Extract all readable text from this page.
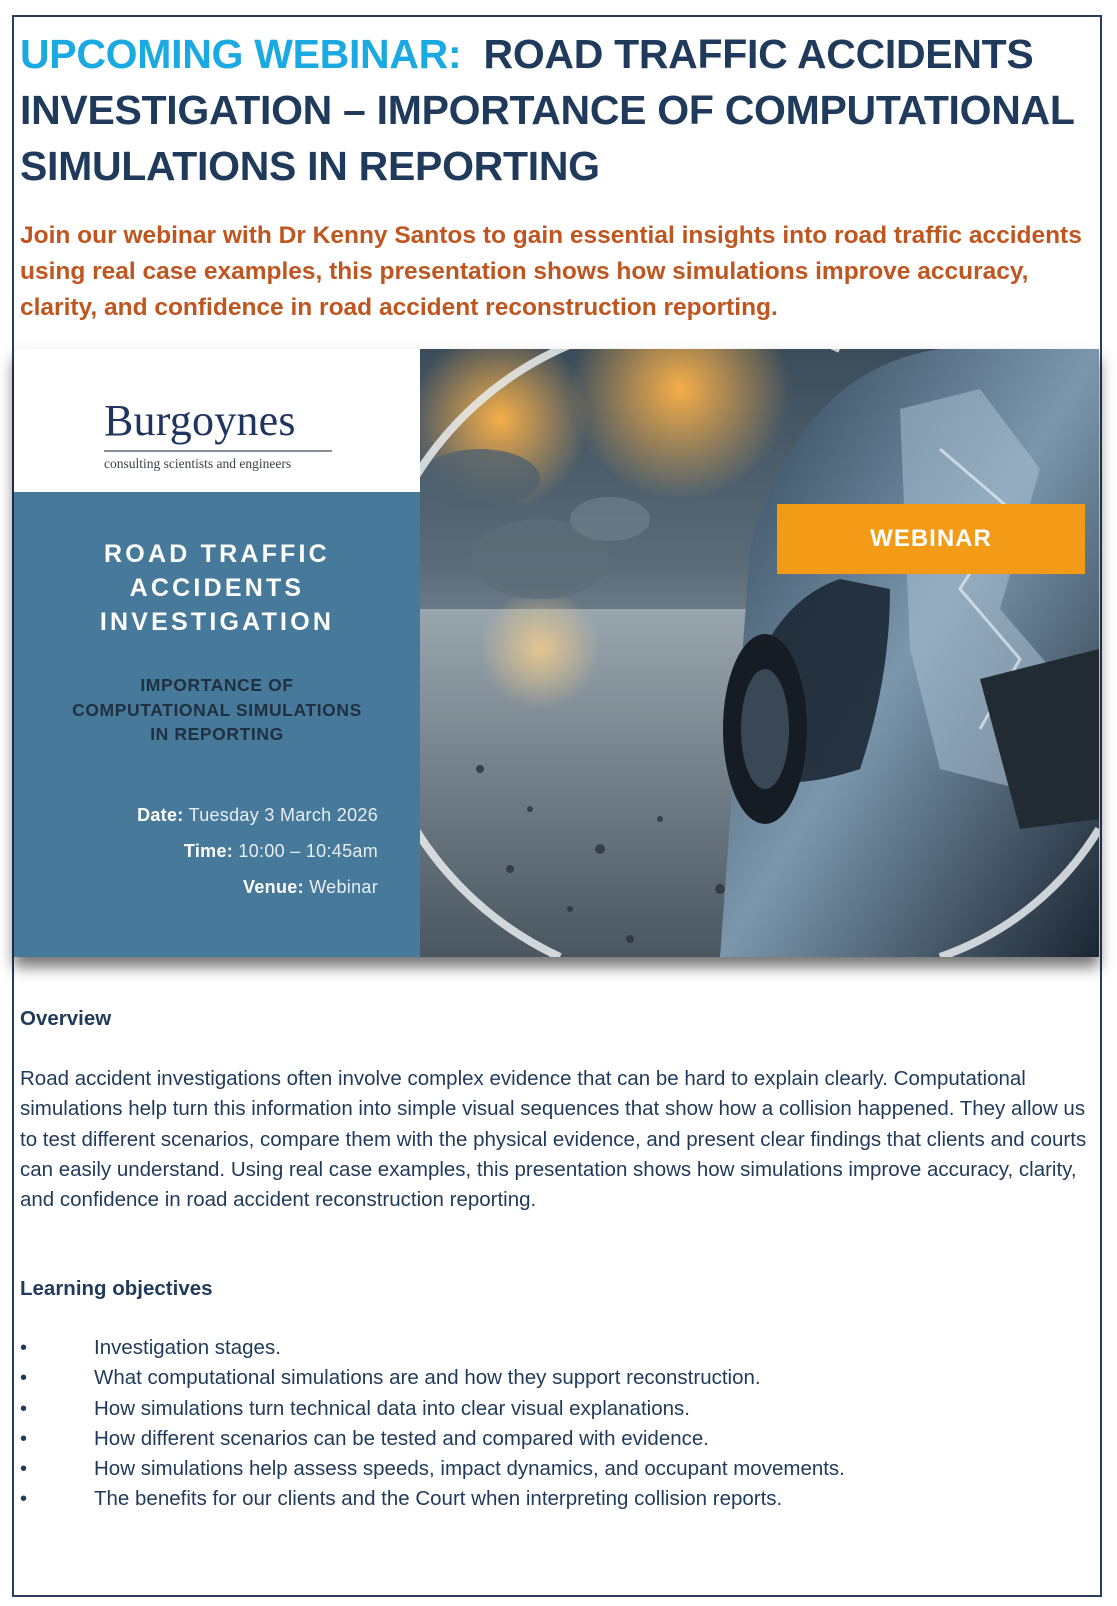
UPCOMING WEBINAR: ROAD TRAFFIC ACCIDENTS INVESTIGATION – IMPORTANCE OF COMPUTATIONAL SIMULATIONS IN REPORTING

Join our webinar with Dr Kenny Santos to gain essential insights into road traffic accidents using real case examples, this presentation shows how simulations improve accuracy, clarity, and confidence in road accident reconstruction reporting.

Burgoynes
consulting scientists and engineers
ROAD TRAFFIC
ACCIDENTS
INVESTIGATION
IMPORTANCE OF
COMPUTATIONAL SIMULATIONS
IN REPORTING
Date: Tuesday 3 March 2026
Time: 10:00 – 10:45am
Venue: Webinar
WEBINAR
Overview

Road accident investigations often involve complex evidence that can be hard to explain clearly. Computational simulations help turn this information into simple visual sequences that show how a collision happened. They allow us to test different scenarios, compare them with the physical evidence, and present clear findings that clients and courts can easily understand. Using real case examples, this presentation shows how simulations improve accuracy, clarity, and confidence in road accident reconstruction reporting.

Learning objectives
•	Investigation stages.
•	What computational simulations are and how they support reconstruction.
•	How simulations turn technical data into clear visual explanations.
•	How different scenarios can be tested and compared with evidence.
•	How simulations help assess speeds, impact dynamics, and occupant movements.
•	The benefits for our clients and the Court when interpreting collision reports.
